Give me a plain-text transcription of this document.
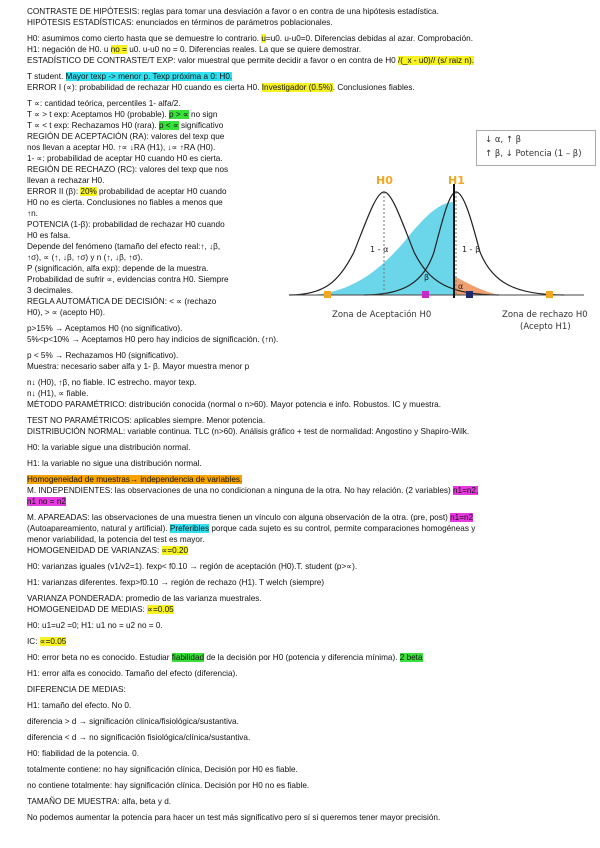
CONTRASTE DE HIPÓTESIS: reglas para tomar una desviación a favor o en contra de una hipótesis estadística.
HIPÓTESIS ESTADÍSTICAS: enunciados en términos de parámetros poblacionales.
H0: asumimos como cierto hasta que se demuestre lo contrario. u=u0. u-u0=0. Diferencias debidas al azar. Comprobación.
H1: negación de H0. u no = u0. u-u0 no = 0. Diferencias reales. La que se quiere demostrar.
ESTADÍSTICO DE CONTRASTE/T EXP: valor muestral que permite decidir a favor o en contra de H0 /(_x - u0)// (s/ raiz n).
T student. Mayor texp -> menor p. Texp próxima a 0: H0.
ERROR I (∝): probabilidad de rechazar H0 cuando es cierta H0. Investigador (0.5%). Conclusiones fiables.
T ∝: cantidad teórica, percentiles 1- alfa/2.
T ∝ > t exp: Aceptamos H0 (probable). p > ∝ no sign
T ∝ < t exp: Rechazamos H0 (rara). p < ∝ significativo
REGIÓN DE ACEPTACIÓN (RA): valores del texp que
nos llevan a aceptar H0. ↑∝ ↓RA (H1), ↓∝ ↑RA (H0).
1- ∝: probabilidad de aceptar H0 cuando H0 es cierta.
REGIÓN DE RECHAZO (RC): valores del texp que nos
llevan a rechazar H0.
ERROR II (β): 20% probabilidad de aceptar H0 cuando
H0 no es cierta. Conclusiones no fiables a menos que
↑n.
POTENCIA (1-β): probabilidad de rechazar H0 cuando
H0 es falsa.
Depende del fenómeno (tamaño del efecto real:↑, ↓β,
↑σ), ∝ (↑, ↓β, ↑σ) y n (↑, ↓β, ↑σ).
P (significación, alfa exp): depende de la muestra.
Probabilidad de sufrir ∝, evidencias contra H0. Siempre
3 decimales.
REGLA AUTOMÁTICA DE DECISIÓN: < ∝ (rechazo
H0), > ∝ (acepto H0).
p>15% → Aceptamos H0 (no significativo).
5%<p<10% → Aceptamos H0 pero hay indicios de significación. (↑n).
p < 5% → Rechazamos H0 (significativo).
Muestra: necesario saber alfa y 1- β. Mayor muestra menor p
n↓ (H0), ↑β, no fiable. IC estrecho. mayor texp.
n↓ (H1), ∝ fiable.
MÉTODO PARAMÉTRICO: distribución conocida (normal o n>60). Mayor potencia e info. Robustos. IC y muestra.
TEST NO PARAMÉTRICOS: aplicables siempre. Menor potencia.
DISTRIBUCIÓN NORMAL: variable continua. TLC (n>60). Análisis gráfico + test de normalidad: Angostino y Shapiro-Wilk.
H0: la variable sigue una distribución normal.
H1: la variable no sigue una distribución normal.
Homogeneidad de muestras→ independencia de variables.
M. INDEPENDIENTES: las observaciones de una no condicionan a ninguna de la otra. No hay relación. (2 variables) n1=n2,
n1 no = n2
M. APAREADAS: las observaciones de una muestra tienen un vínculo con alguna observación de la otra. (pre, post) n1=n2
(Autoapareamiento, natural y artificial). Preferibles porque cada sujeto es su control, permite comparaciones homogéneas y
menor variabilidad, la potencia del test es mayor.
HOMOGENEIDAD DE VARIANZAS: ∝=0.20
H0: varianzas iguales (v1/v2=1). fexp< f0.10 → región de aceptación (H0).T. student (p>∝).
H1: varianzas diferentes. fexp>f0.10 → región de rechazo (H1). T welch (siempre)
VARIANZA PONDERADA: promedio de las varianza muestrales.
HOMOGENEIDAD DE MEDIAS: ∝=0.05
H0: u1=u2 =0; H1: u1 no = u2 no = 0.
IC: ∝=0.05
H0: error beta no es conocido. Estudiar fiabilidad de la decisión por H0 (potencia y diferencia mínima). 2 beta
H1: error alfa es conocido. Tamaño del efecto (diferencia).
DIFERENCIA DE MEDIAS:
H1: tamaño del efecto. No 0.
diferencia > d → significación clínica/fisiológica/sustantiva.
diferencia < d → no significación fisiológica/clínica/sustantiva.
H0: fiabilidad de la potencia. 0.
totalmente contiene: no hay significación clínica, Decisión por H0 es fiable.
no contiene totalmente: hay significación clínica. Decisión por H0 no es fiable.
TAMAÑO DE MUESTRA: alfa, beta y d.
No podemos aumentar la potencia para hacer un test más significativo pero sí si queremos tener mayor precisión.
↓ α, ↑ β
↑ β, ↓ Potencia (1 – β)
H0	H1
1 - α	1 - β
β
α
Zona de Aceptación H0	Zona de rechazo H0
(Acepto H1)
